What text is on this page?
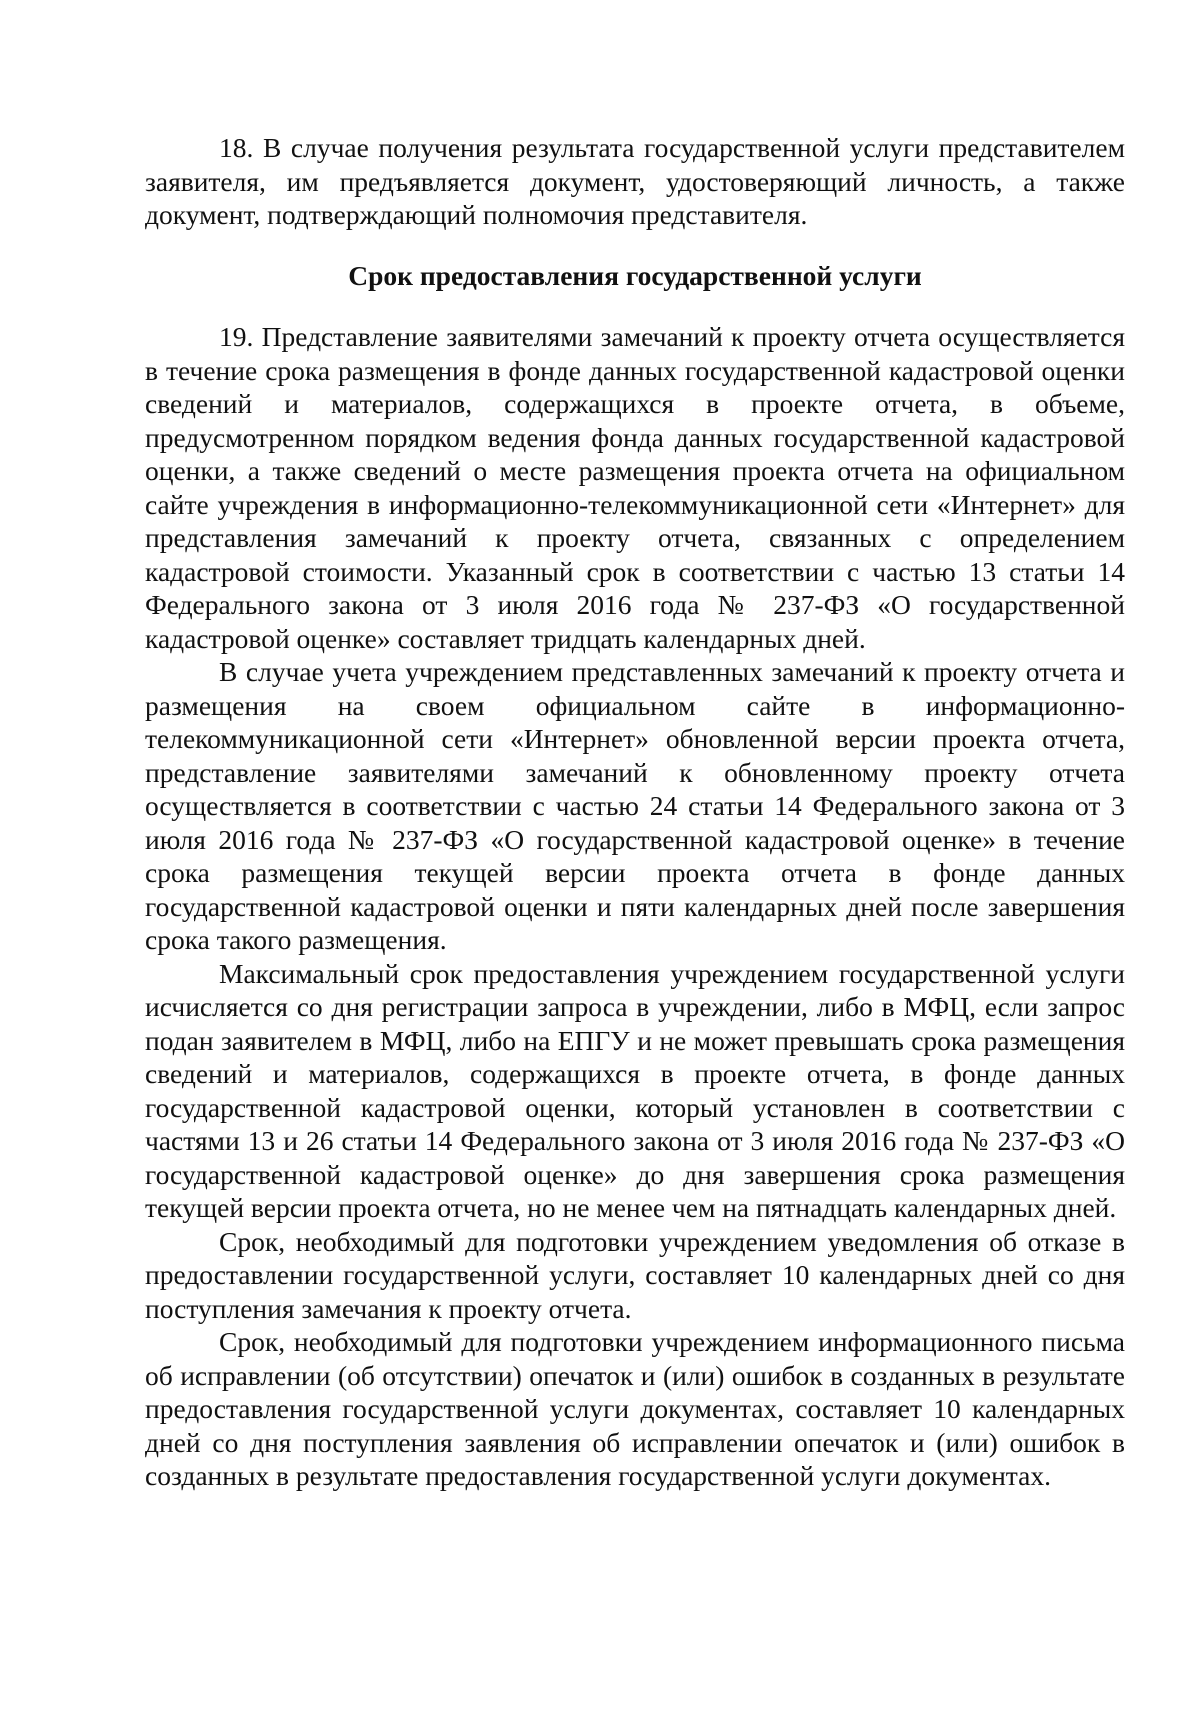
18. В случае получения результата государственной услуги представителем заявителя, им предъявляется документ, удостоверяющий личность, а также документ, подтверждающий полномочия представителя.

Срок предоставления государственной услуги

19. Представление заявителями замечаний к проекту отчета осуществляется в течение срока размещения в фонде данных государственной кадастровой оценки сведений и материалов, содержащихся в проекте отчета, в объеме, предусмотренном порядком ведения фонда данных государственной кадастровой оценки, а также сведений о месте размещения проекта отчета на официальном сайте учреждения в информационно-телекоммуникационной сети «Интернет» для представления замечаний к проекту отчета, связанных с определением кадастровой стоимости. Указанный срок в соответствии с частью 13 статьи 14 Федерального закона от 3 июля 2016 года № 237-ФЗ «О государственной кадастровой оценке» составляет тридцать календарных дней.

В случае учета учреждением представленных замечаний к проекту отчета и размещения на своем официальном сайте в информационно-телекоммуникационной сети «Интернет» обновленной версии проекта отчета, представление заявителями замечаний к обновленному проекту отчета осуществляется в соответствии с частью 24 статьи 14 Федерального закона от 3 июля 2016 года № 237-ФЗ «О государственной кадастровой оценке» в течение срока размещения текущей версии проекта отчета в фонде данных государственной кадастровой оценки и пяти календарных дней после завершения срока такого размещения.

Максимальный срок предоставления учреждением государственной услуги исчисляется со дня регистрации запроса в учреждении, либо в МФЦ, если запрос подан заявителем в МФЦ, либо на ЕПГУ и не может превышать срока размещения сведений и материалов, содержащихся в проекте отчета, в фонде данных государственной кадастровой оценки, который установлен в соответствии с частями 13 и 26 статьи 14 Федерального закона от 3 июля 2016 года № 237-ФЗ «О государственной кадастровой оценке» до дня завершения срока размещения текущей версии проекта отчета, но не менее чем на пятнадцать календарных дней.

Срок, необходимый для подготовки учреждением уведомления об отказе в предоставлении государственной услуги, составляет 10 календарных дней со дня поступления замечания к проекту отчета.

Срок, необходимый для подготовки учреждением информационного письма об исправлении (об отсутствии) опечаток и (или) ошибок в созданных в результате предоставления государственной услуги документах, составляет 10 календарных дней со дня поступления заявления об исправлении опечаток и (или) ошибок в созданных в результате предоставления государственной услуги документах.
